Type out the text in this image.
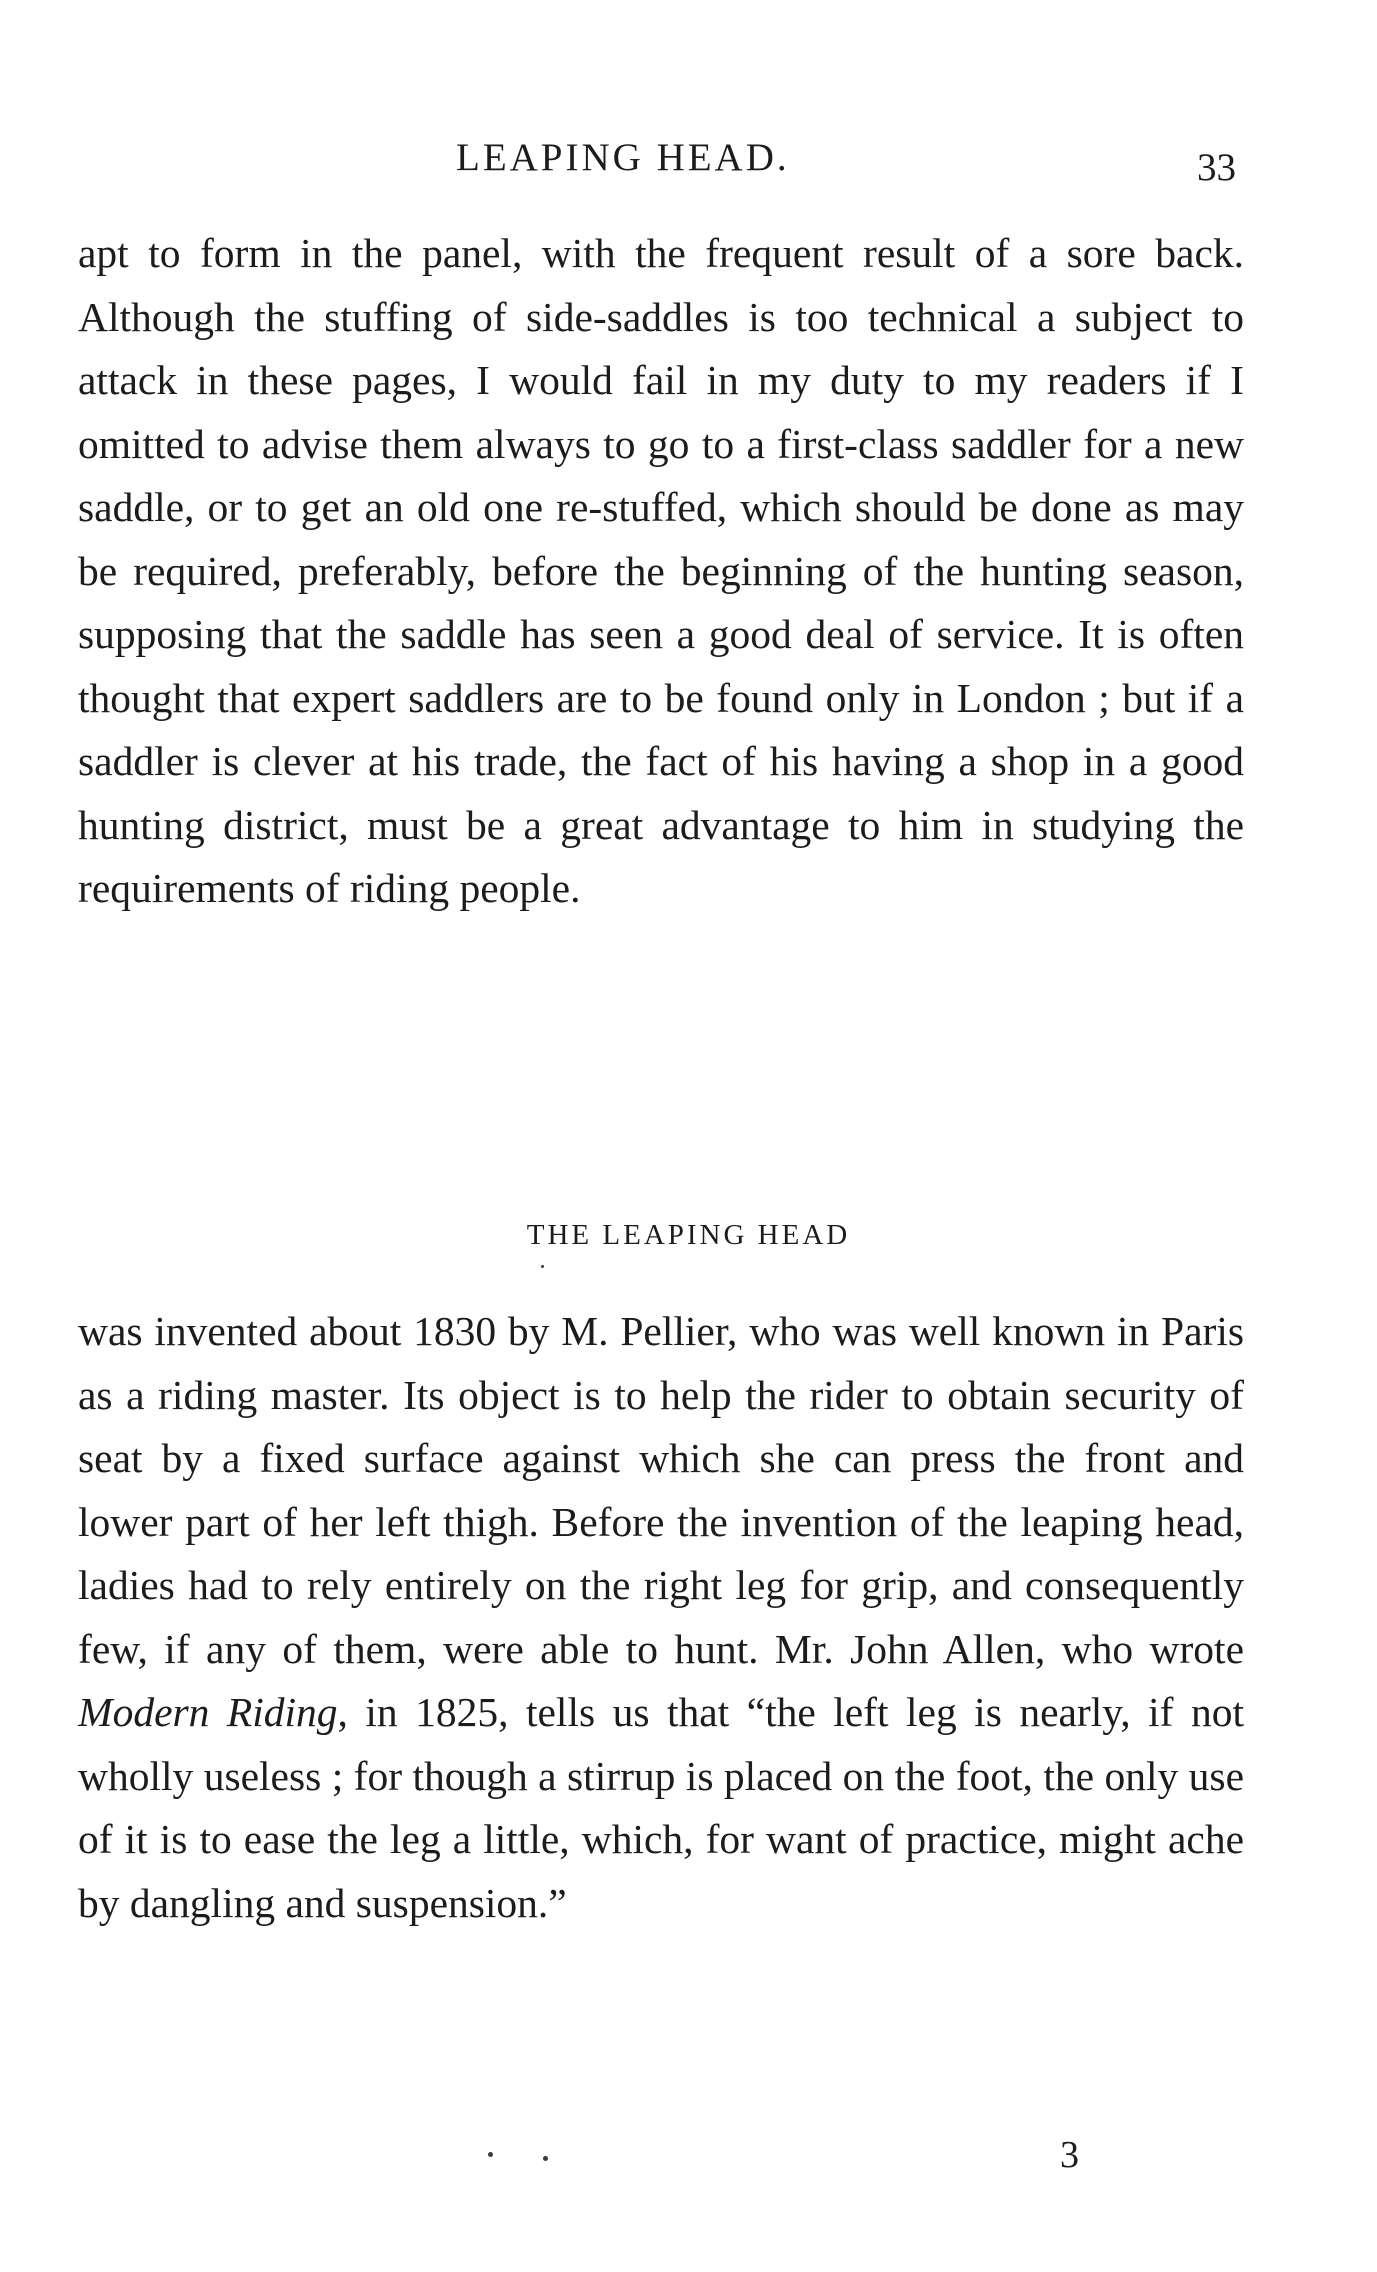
LEAPING HEAD.	33

apt to form in the panel, with the frequent result of a sore back. Although the stuffing of side-saddles is too technical a subject to attack in these pages, I would fail in my duty to my readers if I omitted to advise them always to go to a first-class saddler for a new saddle, or to get an old one re-stuffed, which should be done as may be required, preferably, before the beginning of the hunting season, supposing that the saddle has seen a good deal of service. It is often thought that expert saddlers are to be found only in London ; but if a saddler is clever at his trade, the fact of his having a shop in a good hunting district, must be a great advantage to him in studying the requirements of riding people.

THE LEAPING HEAD

was invented about 1830 by M. Pellier, who was well known in Paris as a riding master. Its object is to help the rider to obtain security of seat by a fixed surface against which she can press the front and lower part of her left thigh. Before the invention of the leaping head, ladies had to rely entirely on the right leg for grip, and consequently few, if any of them, were able to hunt. Mr. John Allen, who wrote Modern Riding, in 1825, tells us that “the left leg is nearly, if not wholly useless ; for though a stirrup is placed on the foot, the only use of it is to ease the leg a little, which, for want of practice, might ache by dangling and suspension.”

3
